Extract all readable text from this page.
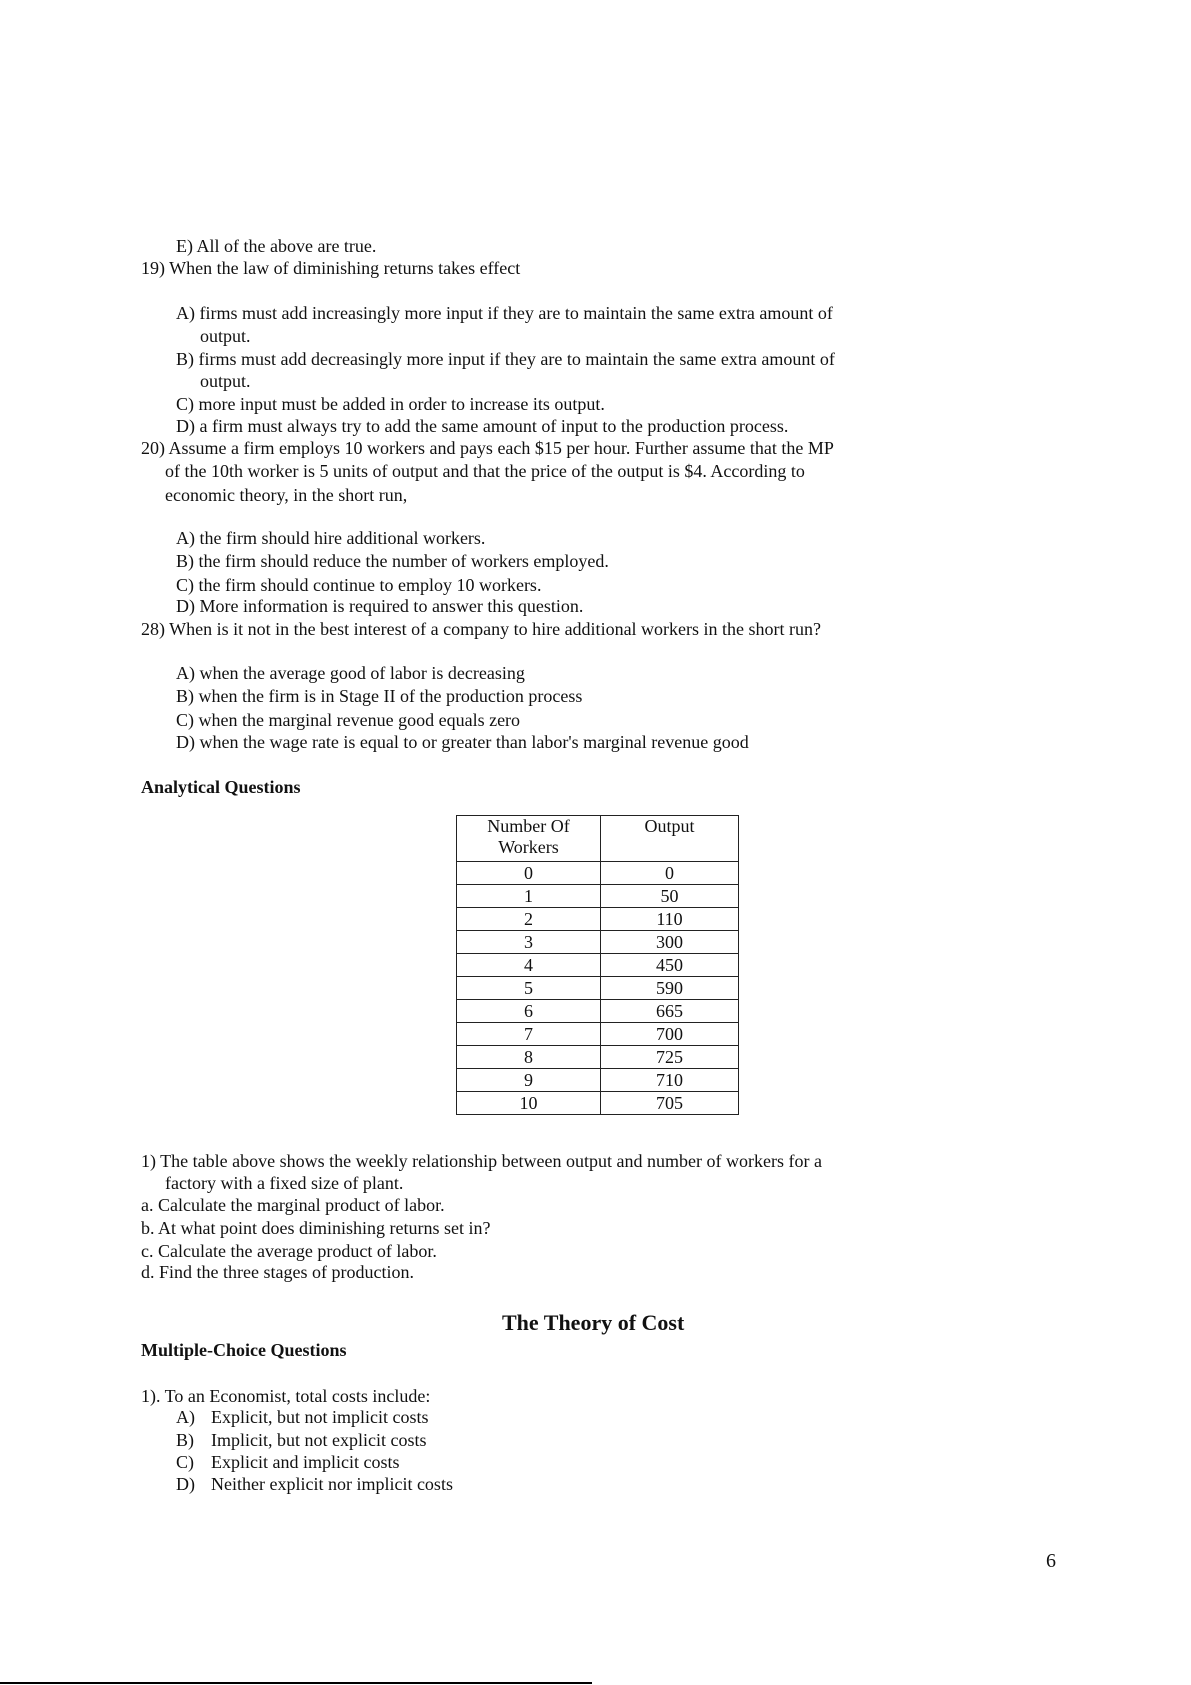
E) All of the above are true.
19) When the law of diminishing returns takes effect
A) firms must add increasingly more input if they are to maintain the same extra amount of
output.
B) firms must add decreasingly more input if they are to maintain the same extra amount of
output.
C) more input must be added in order to increase its output.
D) a firm must always try to add the same amount of input to the production process.
20) Assume a firm employs 10 workers and pays each $15 per hour. Further assume that the MP
of the 10th worker is 5 units of output and that the price of the output is $4. According to
economic theory, in the short run,
A) the firm should hire additional workers.
B) the firm should reduce the number of workers employed.
C) the firm should continue to employ 10 workers.
D) More information is required to answer this question.
28) When is it not in the best interest of a company to hire additional workers in the short run?
A) when the average good of labor is decreasing
B) when the firm is in Stage II of the production process
C) when the marginal revenue good equals zero
D) when the wage rate is equal to or greater than labor's marginal revenue good
Analytical Questions
Number Of
Workers	Output
0	0
1	50
2	110
3	300
4	450
5	590
6	665
7	700
8	725
9	710
10	705
1) The table above shows the weekly relationship between output and number of workers for a
factory with a fixed size of plant.
a. Calculate the marginal product of labor.
b. At what point does diminishing returns set in?
c. Calculate the average product of labor.
d. Find the three stages of production.
The Theory of Cost
Multiple-Choice Questions
1). To an Economist, total costs include:
A) Explicit, but not implicit costs
B) Implicit, but not explicit costs
C) Explicit and implicit costs
D) Neither explicit nor implicit costs
6
